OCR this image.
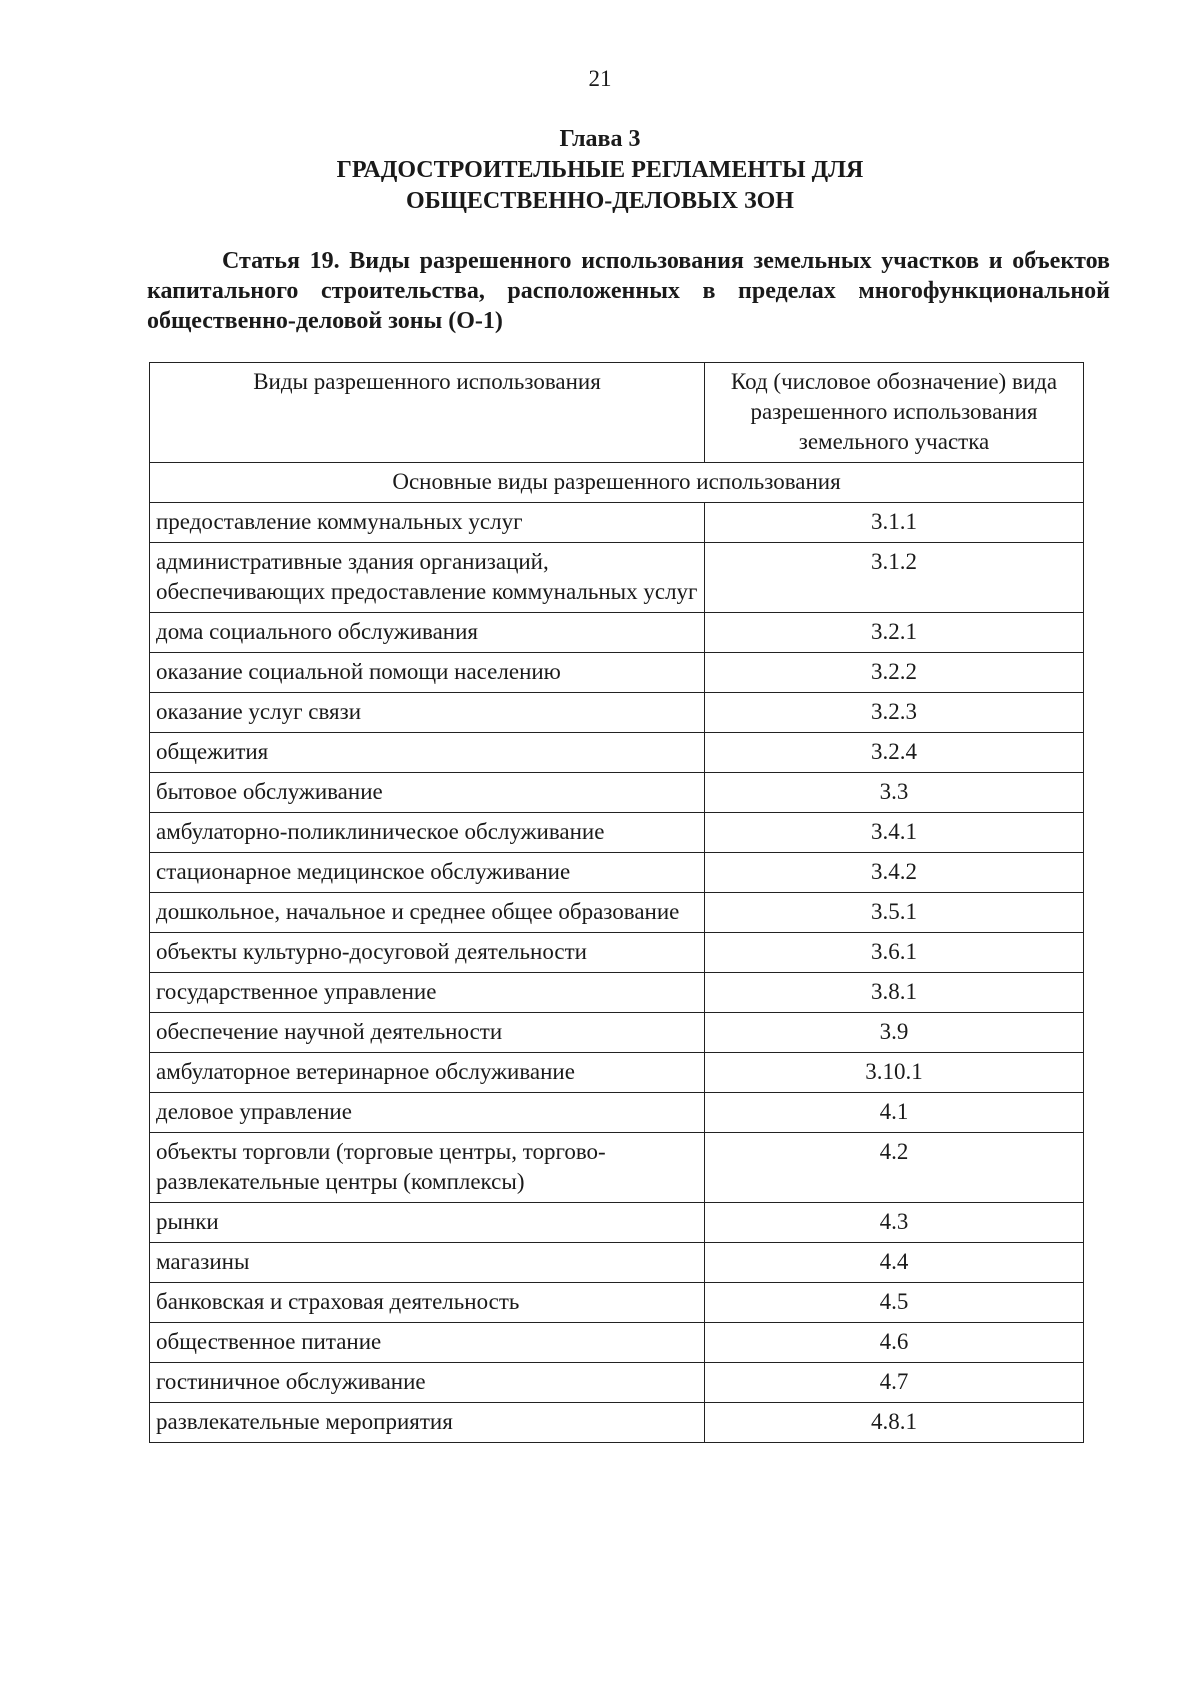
21
Глава 3
ГРАДОСТРОИТЕЛЬНЫЕ РЕГЛАМЕНТЫ ДЛЯ
ОБЩЕСТВЕННО-ДЕЛОВЫХ ЗОН
Статья 19. Виды разрешенного использования земельных участков и объектов капитального строительства, расположенных в пределах многофункциональной общественно-деловой зоны (О-1)
Виды разрешенного использования	Код (числовое обозначение) вида разрешенного использования земельного участка
Основные виды разрешенного использования	
предоставление коммунальных услуг	3.1.1
административные здания организаций, обеспечивающих предоставление коммунальных услуг	3.1.2
дома социального обслуживания	3.2.1
оказание социальной помощи населению	3.2.2
оказание услуг связи	3.2.3
общежития	3.2.4
бытовое обслуживание	3.3
амбулаторно-поликлиническое обслуживание	3.4.1
стационарное медицинское обслуживание	3.4.2
дошкольное, начальное и среднее общее образование	3.5.1
объекты культурно-досуговой деятельности	3.6.1
государственное управление	3.8.1
обеспечение научной деятельности	3.9
амбулаторное ветеринарное обслуживание	3.10.1
деловое управление	4.1
объекты торговли (торговые центры, торгово-развлекательные центры (комплексы)	4.2
рынки	4.3
магазины	4.4
банковская и страховая деятельность	4.5
общественное питание	4.6
гостиничное обслуживание	4.7
развлекательные мероприятия	4.8.1
